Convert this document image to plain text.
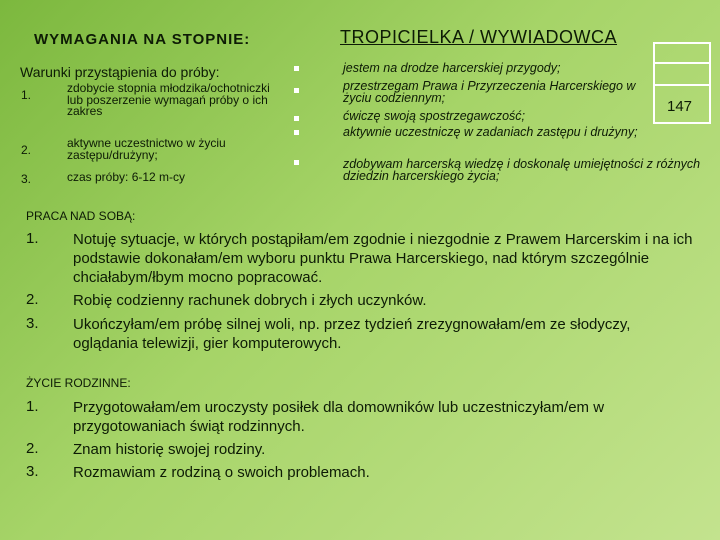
WYMAGANIA NA STOPNIE:	TROPICIELKA / WYWIADOWCA
147
Warunki przystąpienia do próby:
1.	zdobycie stopnia młodzika/ochotniczki lub poszerzenie wymagań próby o ich zakres
2.	aktywne uczestnictwo w życiu zastępu/drużyny;
3.	czas próby: 6-12 m-cy
jestem na drodze harcerskiej przygody;
przestrzegam Prawa i Przyrzeczenia Harcerskiego w życiu codziennym;
ćwiczę swoją spostrzegawczość;
aktywnie uczestniczę w zadaniach zastępu i drużyny;
zdobywam harcerską wiedzę i doskonalę umiejętności z różnych dziedzin harcerskiego życia;
PRACA NAD SOBĄ:
1. Notuję sytuacje, w których postąpiłam/em zgodnie i niezgodnie z Prawem Harcerskim i na ich podstawie dokonałam/em wyboru punktu Prawa Harcerskiego, nad którym szczególnie chciałabym/łbym mocno popracować.
2. Robię codzienny rachunek dobrych i złych uczynków.
3. Ukończyłam/em próbę silnej woli, np. przez tydzień zrezygnowałam/em ze słodyczy, oglądania telewizji, gier komputerowych.
ŻYCIE RODZINNE:
1. Przygotowałam/em uroczysty posiłek dla domowników lub uczestniczyłam/em w przygotowaniach świąt rodzinnych.
2. Znam historię swojej rodziny.
3. Rozmawiam z rodziną o swoich problemach.
